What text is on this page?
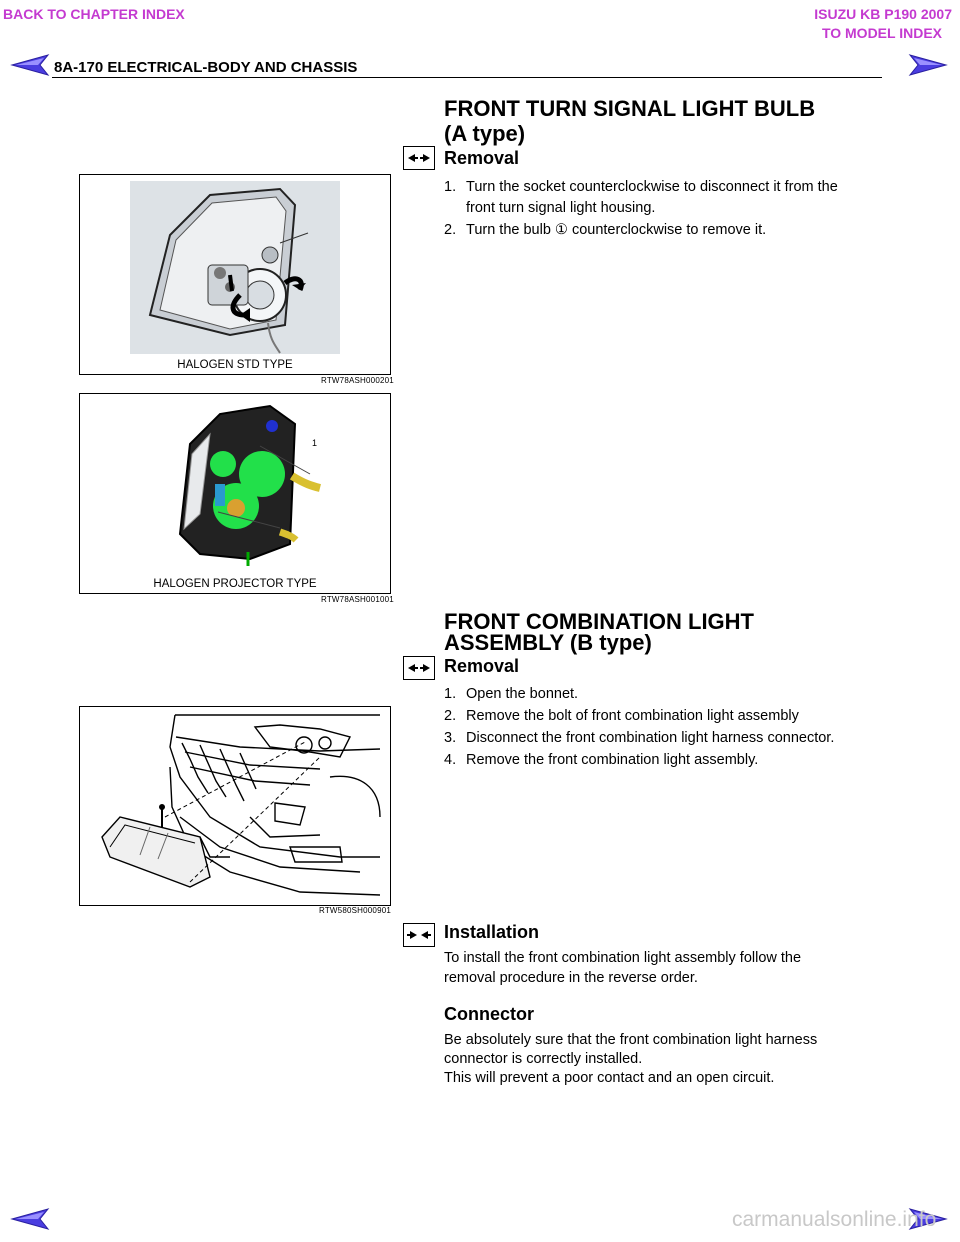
BACK TO CHAPTER INDEX	ISUZU KB P190 2007
TO MODEL INDEX
8A-170 ELECTRICAL-BODY AND CHASSIS
FRONT TURN SIGNAL LIGHT BULB
(A type)
Removal
1. Turn the socket counterclockwise to disconnect it from the
front turn signal light housing.
2. Turn the bulb ① counterclockwise to remove it.
HALOGEN STD TYPE
RTW78ASH000201
1
HALOGEN PROJECTOR TYPE
RTW78ASH001001
FRONT COMBINATION LIGHT
ASSEMBLY (B type)
Removal
1. Open the bonnet.
2. Remove the bolt of front combination light assembly
3. Disconnect the front combination light harness connector.
4. Remove the front combination light assembly.
RTW580SH000901
Installation
To install the front combination light assembly follow the
removal procedure in the reverse order.
Connector
Be absolutely sure that the front combination light harness
connector is correctly installed.
This will prevent a poor contact and an open circuit.
carmanualsonline.info
